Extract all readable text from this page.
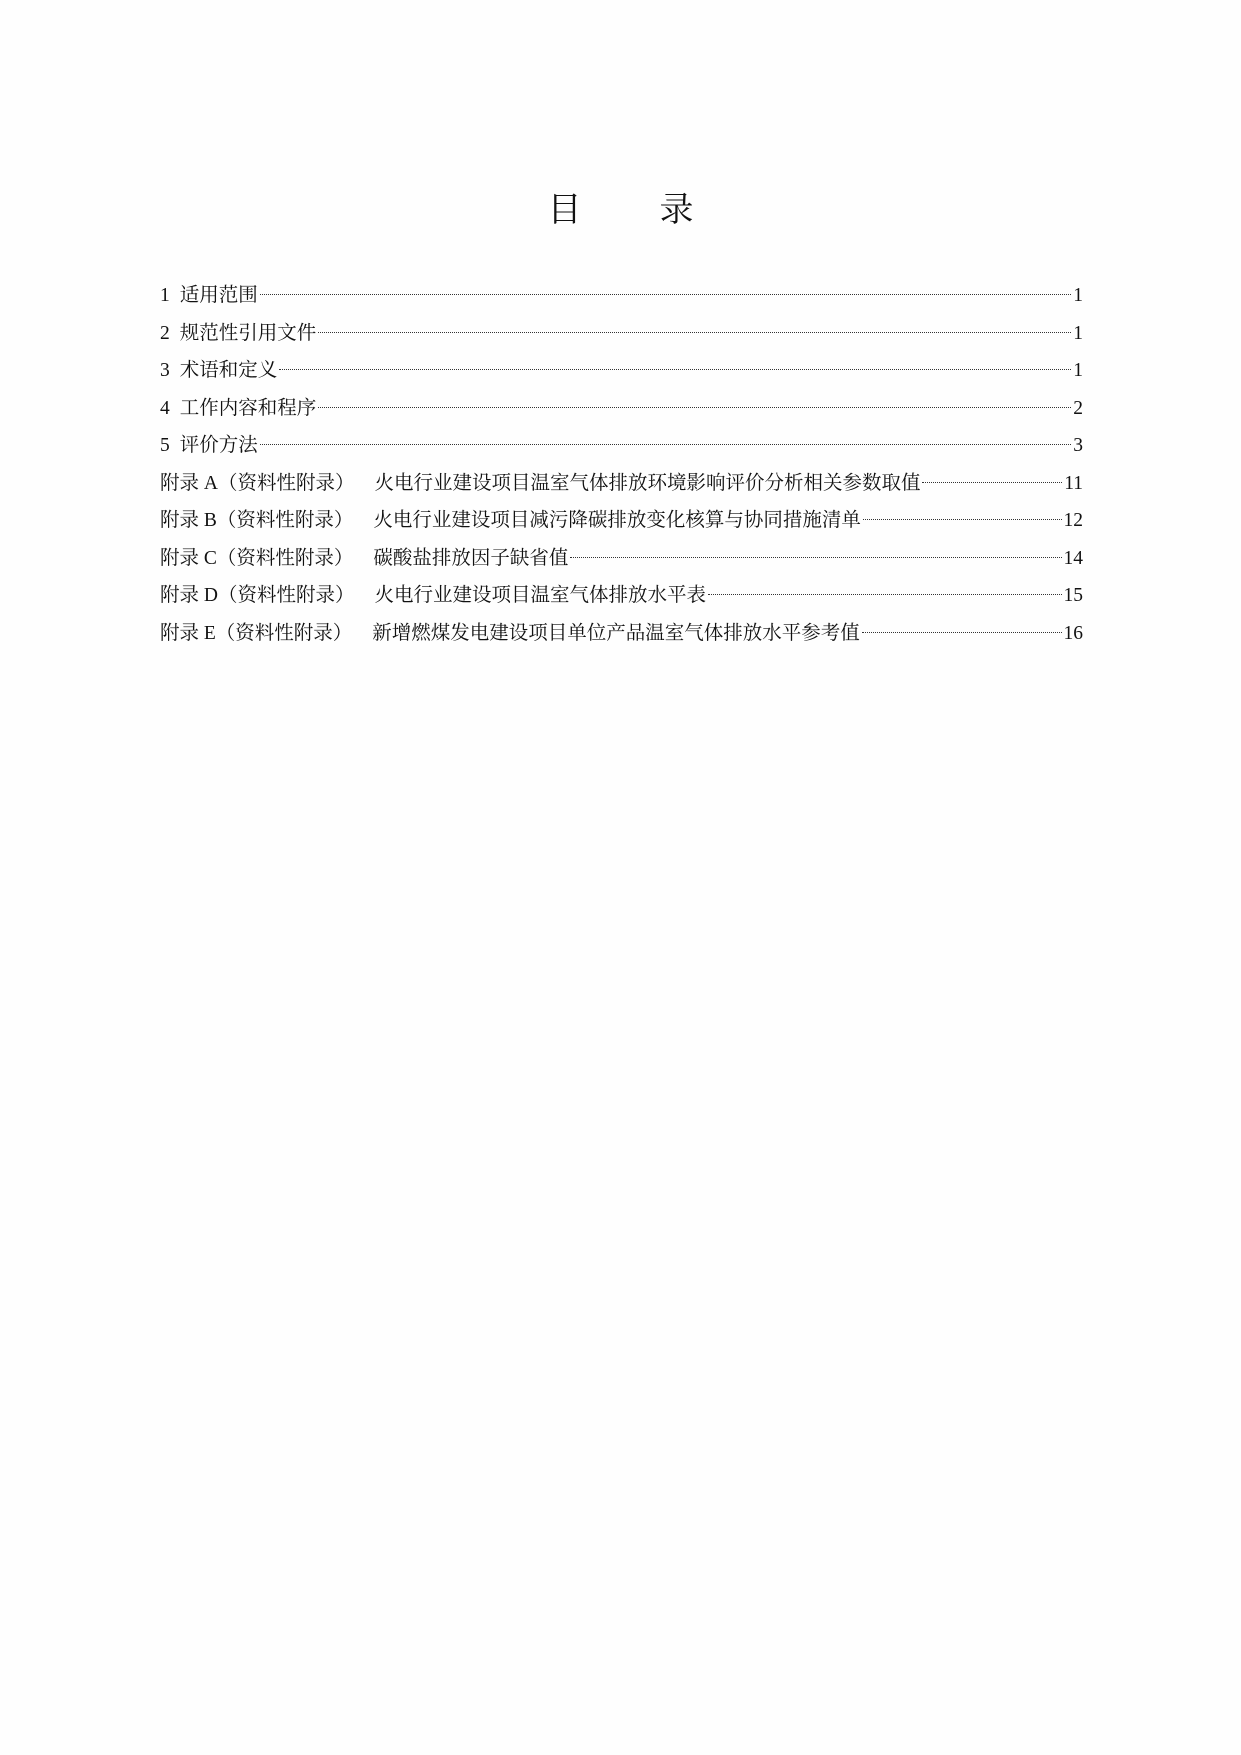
目　录
1 适用范围	1
2 规范性引用文件	1
3 术语和定义	1
4 工作内容和程序	2
5 评价方法	3
附录 A（资料性附录） 火电行业建设项目温室气体排放环境影响评价分析相关参数取值	11
附录 B（资料性附录） 火电行业建设项目减污降碳排放变化核算与协同措施清单	12
附录 C（资料性附录） 碳酸盐排放因子缺省值	14
附录 D（资料性附录） 火电行业建设项目温室气体排放水平表	15
附录 E（资料性附录） 新增燃煤发电建设项目单位产品温室气体排放水平参考值	16
